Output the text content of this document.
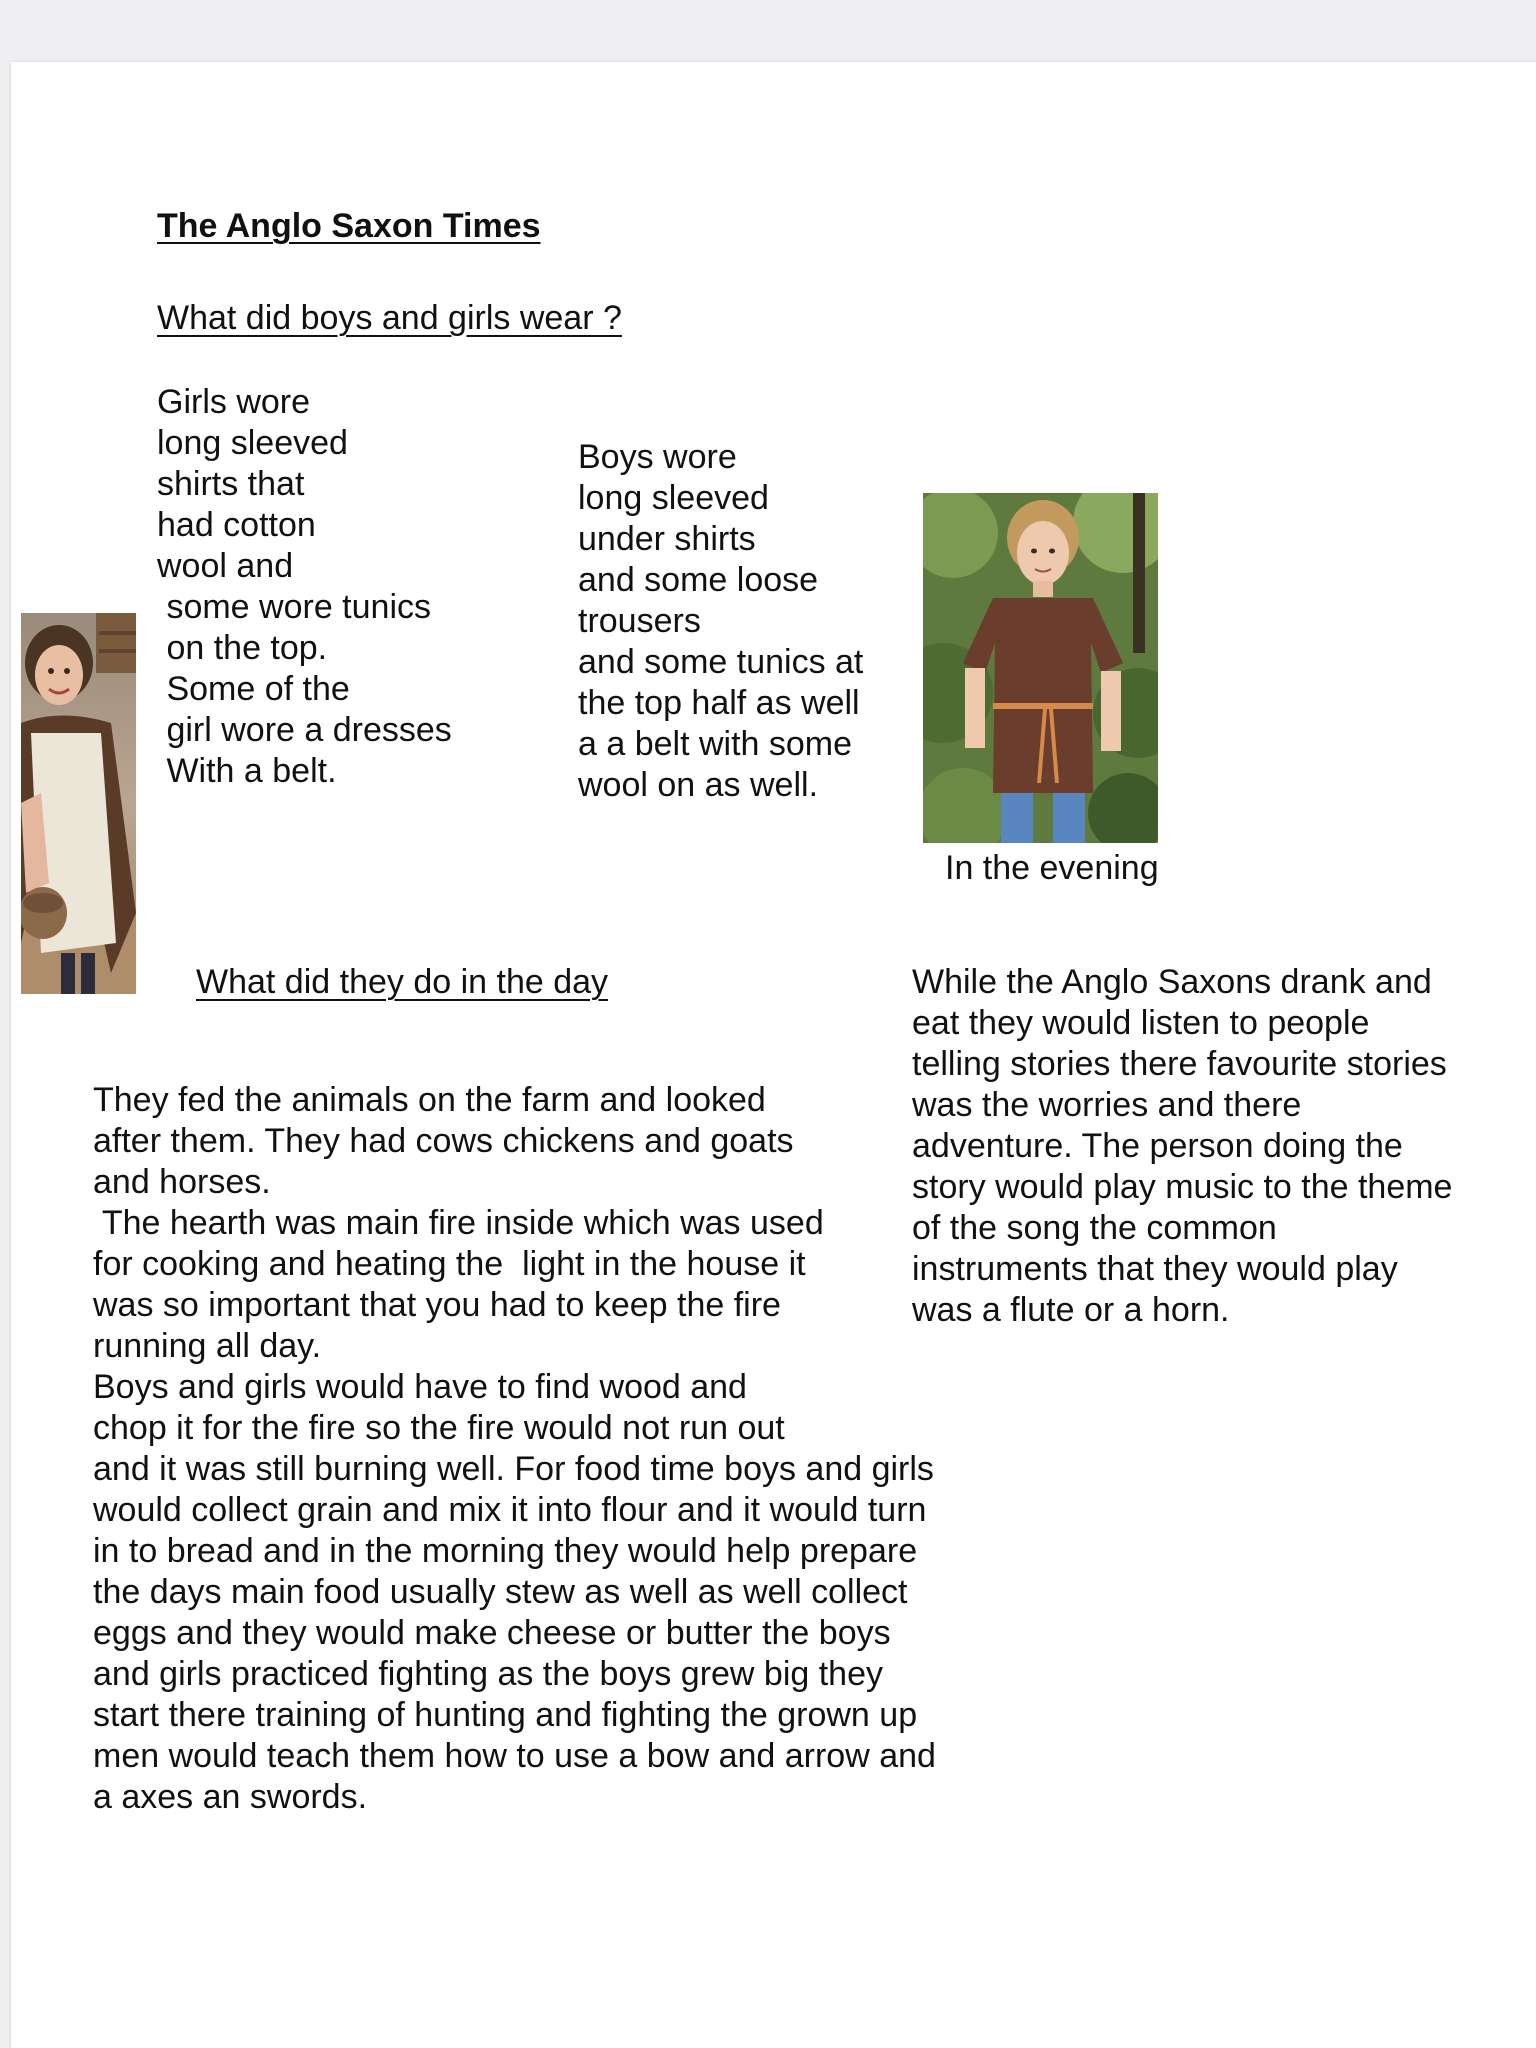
The Anglo Saxon Times

What did boys and girls wear ?

Girls wore
long sleeved
shirts that
had cotton
wool and
some wore tunics
on the top.
Some of the
girl wore a dresses
With a belt.

Boys wore
long sleeved
under shirts
and some loose
trousers
and some tunics at
the top half as well
a a belt with some
wool on as well.

In the evening

What did they do in the day	While the Anglo Saxons drank and
eat they would listen to people
telling stories there favourite stories
was the worries and there
adventure. The person doing the
story would play music to the theme
of the song the common
instruments that they would play
was a flute or a horn.

They fed the animals on the farm and looked
after them. They had cows chickens and goats
and horses.
The hearth was main fire inside which was used
for cooking and heating the  light in the house it
was so important that you had to keep the fire
running all day.
Boys and girls would have to find wood and
chop it for the fire so the fire would not run out
and it was still burning well. For food time boys and girls
would collect grain and mix it into flour and it would turn
in to bread and in the morning they would help prepare
the days main food usually stew as well as well collect
eggs and they would make cheese or butter the boys
and girls practiced fighting as the boys grew big they
start there training of hunting and fighting the grown up
men would teach them how to use a bow and arrow and
a axes an swords.
